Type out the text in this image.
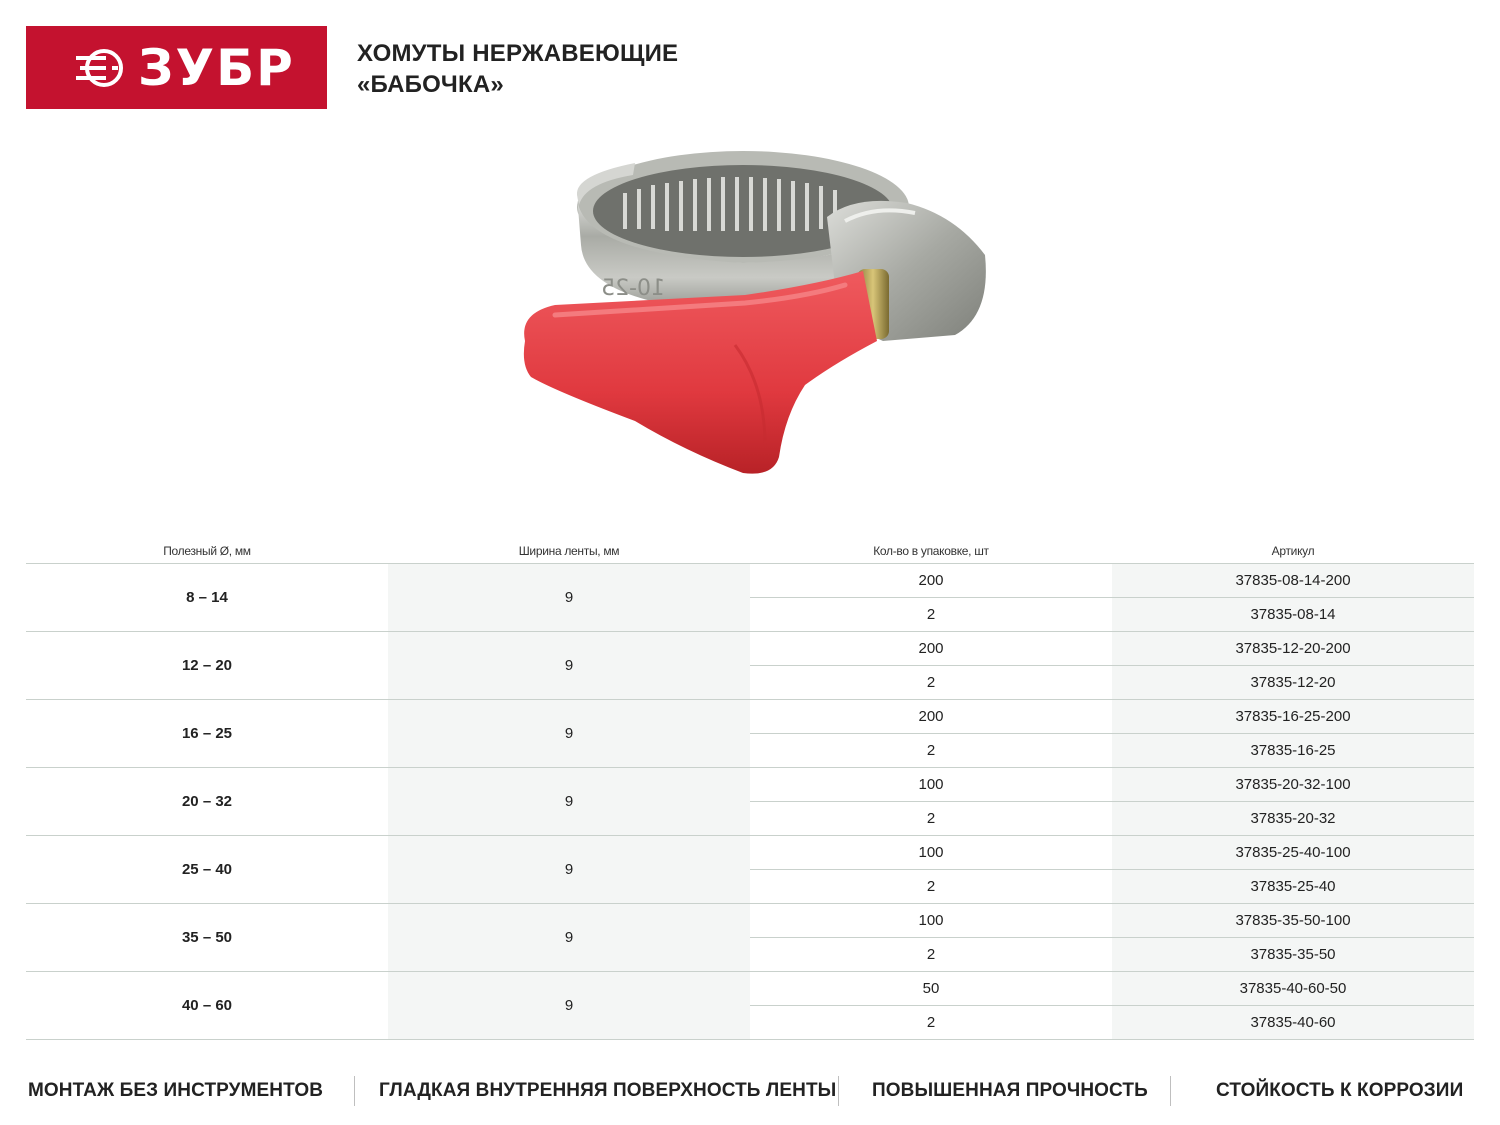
ЗУБР	ХОМУТЫ НЕРЖАВЕЮЩИЕ
«БАБОЧКА»
10-25
Полезный Ø, мм	Ширина ленты, мм	Кол-во в упаковке, шт	Артикул
8 – 14	9	200	37835-08-14-200
		2	37835-08-14
12 – 20	9	200	37835-12-20-200
		2	37835-12-20
16 – 25	9	200	37835-16-25-200
		2	37835-16-25
20 – 32	9	100	37835-20-32-100
		2	37835-20-32
25 – 40	9	100	37835-25-40-100
		2	37835-25-40
35 – 50	9	100	37835-35-50-100
		2	37835-35-50
40 – 60	9	50	37835-40-60-50
		2	37835-40-60
МОНТАЖ БЕЗ ИНСТРУМЕНТОВ	ГЛАДКАЯ ВНУТРЕННЯЯ ПОВЕРХНОСТЬ ЛЕНТЫ ПОВЫШЕННАЯ ПРОЧНОСТЬ	СТОЙКОСТЬ К КОРРОЗИИ
